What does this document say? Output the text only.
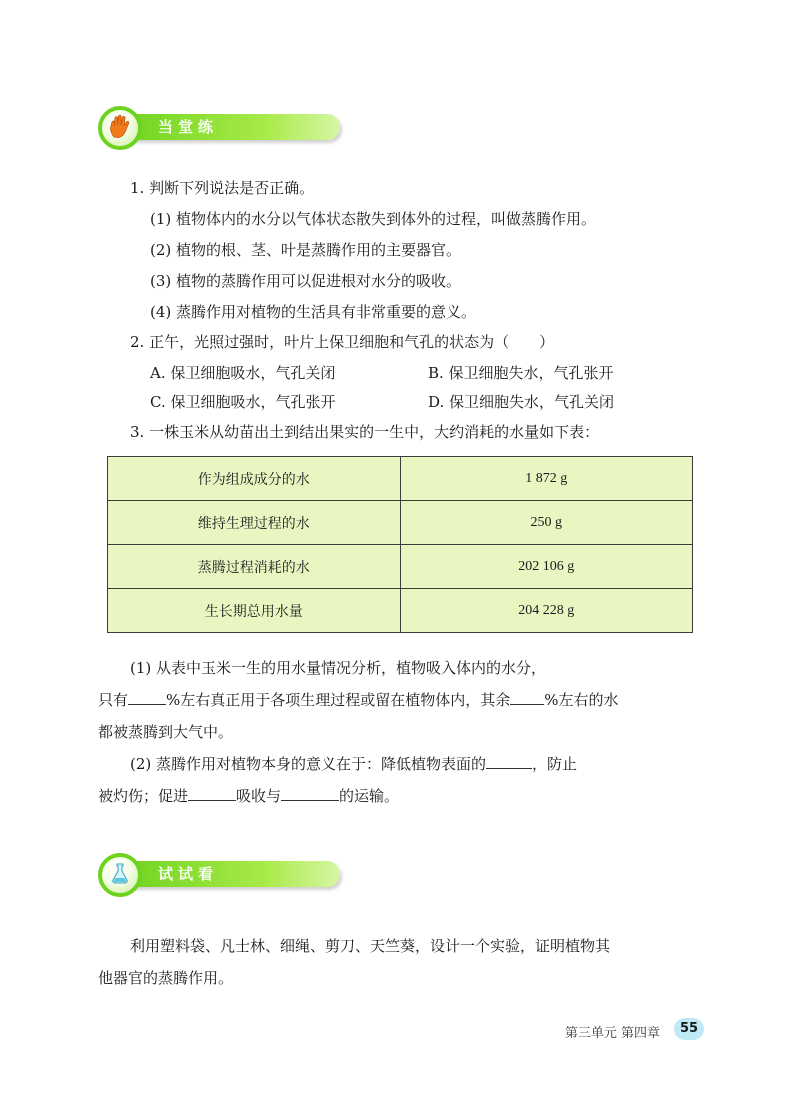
当堂练
1. 判断下列说法是否正确。
(1) 植物体内的水分以气体状态散失到体外的过程，叫做蒸腾作用。
(2) 植物的根、茎、叶是蒸腾作用的主要器官。
(3) 植物的蒸腾作用可以促进根对水分的吸收。
(4) 蒸腾作用对植物的生活具有非常重要的意义。
2. 正午，光照过强时，叶片上保卫细胞和气孔的状态为（　　）
A. 保卫细胞吸水，气孔关闭	B. 保卫细胞失水，气孔张开
C. 保卫细胞吸水，气孔张开	D. 保卫细胞失水，气孔关闭
3. 一株玉米从幼苗出土到结出果实的一生中，大约消耗的水量如下表：
作为组成成分的水	1 872 g
维持生理过程的水	250 g
蒸腾过程消耗的水	202 106 g
生长期总用水量	204 228 g
(1) 从表中玉米一生的用水量情况分析，植物吸入体内的水分，
只有	%左右真正用于各项生理过程或留在植物体内，其余 %左右的水
都被蒸腾到大气中。
(2) 蒸腾作用对植物本身的意义在于：降低植物表面的	，防止
被灼伤；促进	吸收与	的运输。
试试看
利用塑料袋、凡士林、细绳、剪刀、天竺葵，设计一个实验，证明植物其
他器官的蒸腾作用。
第三单元 第四章	55
